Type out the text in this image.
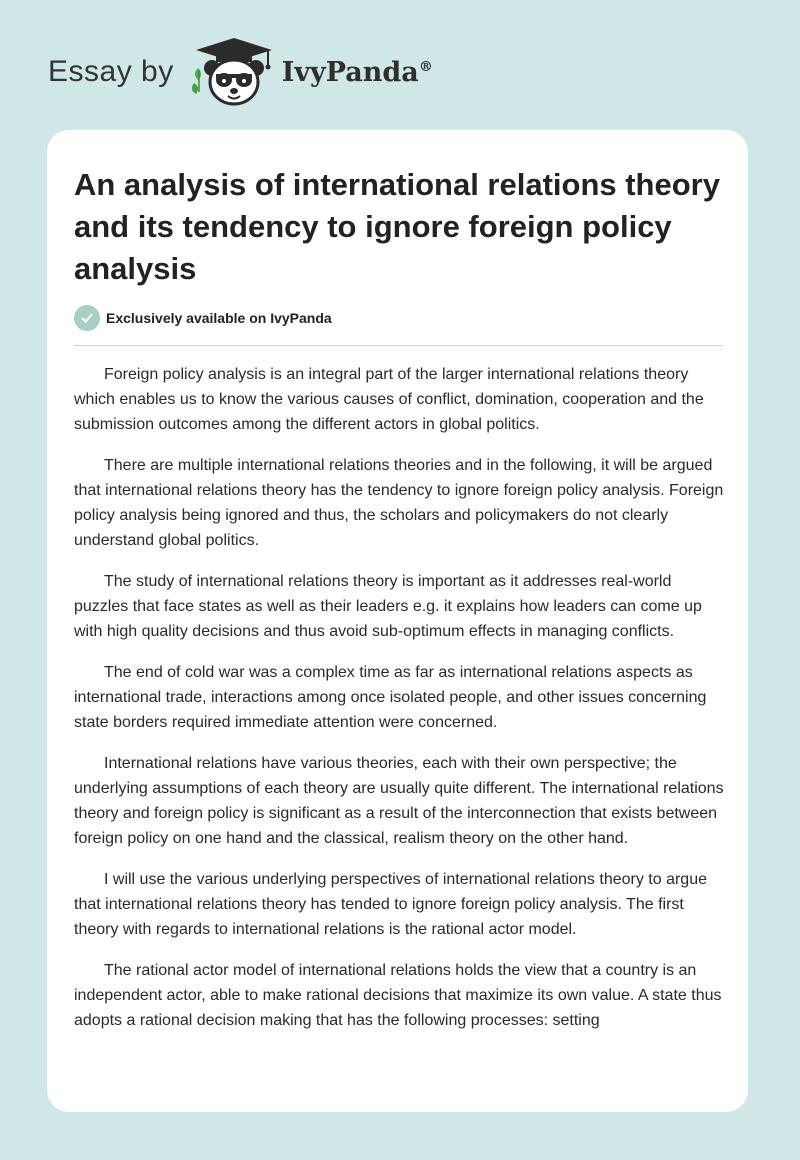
Essay by	IvyPanda®
An analysis of international relations theory and its tendency to ignore foreign policy analysis
Exclusively available on IvyPanda

Foreign policy analysis is an integral part of the larger international relations theory which enables us to know the various causes of conflict, domination, cooperation and the submission outcomes among the different actors in global politics.

There are multiple international relations theories and in the following, it will be argued that international relations theory has the tendency to ignore foreign policy analysis. Foreign policy analysis being ignored and thus, the scholars and policymakers do not clearly understand global politics.

The study of international relations theory is important as it addresses real-world puzzles that face states as well as their leaders e.g. it explains how leaders can come up with high quality decisions and thus avoid sub-optimum effects in managing conflicts.

The end of cold war was a complex time as far as international relations aspects as international trade, interactions among once isolated people, and other issues concerning state borders required immediate attention were concerned.

International relations have various theories, each with their own perspective; the underlying assumptions of each theory are usually quite different. The international relations theory and foreign policy is significant as a result of the interconnection that exists between foreign policy on one hand and the classical, realism theory on the other hand.

I will use the various underlying perspectives of international relations theory to argue that international relations theory has tended to ignore foreign policy analysis. The first theory with regards to international relations is the rational actor model.

The rational actor model of international relations holds the view that a country is an independent actor, able to make rational decisions that maximize its own value. A state thus adopts a rational decision making that has the following processes: setting
